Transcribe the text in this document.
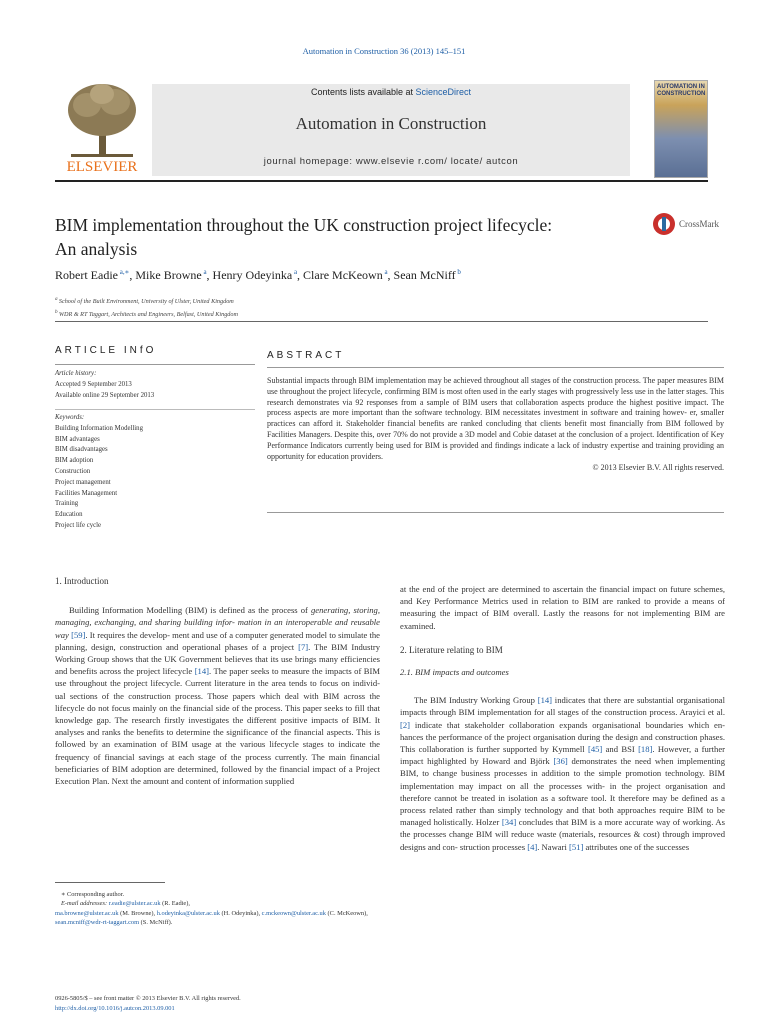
Automation in Construction 36 (2013) 145–151
ELSEVIER
Contents lists available at ScienceDirect
Automation in Construction
journal homepage: www.elsevie r.com/ locate/ autcon
AUTOMATION IN CONSTRUCTION
BIM implementation throughout the UK construction project lifecycle:
An analysis
CrossMark
Robert Eadie $^{a,∗}$, Mike Browne $^a$, Henry Odeyinka $^a$, Clare McKeown $^a$, Sean McNiff $^b$
$^a$ School of the Built Environment, University of Ulster, United Kingdom
$^b$ WDR & RT Taggart, Architects and Engineers, Belfast, United Kingdom
ARTICLE INfO
Article history:
Accepted 9 September 2013
Available online 29 September 2013
Keywords:
Building Information Modelling
BIM advantages
BIM disadvantages
BIM adoption
Construction
Project management
Facilities Management
Training
Education
Project life cycle
ABSTRACT
Substantial impacts through BIM implementation may be achieved throughout all stages of the construction process. The paper measures BIM use throughout the project lifecycle, confirming BIM is most often used in the early stages with progressively less use in the latter stages. This research demonstrates via 92 responses from a sample of BIM users that collaboration aspects produce the highest positive impact. The process aspects are more important than the software technology. BIM necessitates investment in software and training howev- er, smaller practices can afford it. Stakeholder financial benefits are ranked concluding that clients benefit most financially from BIM followed by Facilities Managers. Despite this, over 70% do not provide a 3D model and Cobie dataset at the conclusion of a project. Identification of Key Performance Indicators currently being used for BIM is provided and findings indicate a lack of industry expertise and training providing an opportunity for education providers.
© 2013 Elsevier B.V. All rights reserved.

1. Introduction

Building Information Modelling (BIM) is defined as the process of generating, storing, managing, exchanging, and sharing building infor- mation in an interoperable and reusable way [59]. It requires the develop- ment and use of a computer generated model to simulate the planning, design, construction and operational phases of a project [7]. The BIM Industry Working Group shows that the UK Government believes that its use brings many efficiencies and benefits across the project lifecycle [14]. The paper seeks to measure the impacts of BIM use throughout the project lifecycle. Current literature in the area tends to focus on individ- ual sections of the construction process. Those papers which deal with BIM across the lifecycle do not focus mainly on the financial side of the process. This paper seeks to fill that knowledge gap. The research firstly investigates the different positive impacts of BIM. It analyses and ranks the benefits to determine the significance of the financial aspects. This is followed by an examination of BIM usage at the various lifecycle stages to indicate the frequency of financial savings at each stage of the process currently. The main financial beneficiaries of BIM adoption are determined, followed by the financial impact of a Project Execution Plan. Next the amount and content of information supplied

at the end of the project are determined to ascertain the financial impact on future schemes, and Key Performance Metrics used in relation to BIM are ranked to provide a means of measuring the impact of BIM overall. Lastly the reasons for not implementing BIM are examined.

2. Literature relating to BIM

2.1. BIM impacts and outcomes

The BIM Industry Working Group [14] indicates that there are substantial organisational impacts through BIM implementation for all stages of the construction process. Arayici et al. [2] indicate that stakeholder collaboration expands organisational boundaries which en- hances the performance of the project organisation during the design and construction phases. This collaboration is further supported by Kymmell [45] and BSI [18]. However, a further impact highlighted by Howard and Björk [36] demonstrates the need when implementing BIM, to change business processes in addition to the simple promotion technology. BIM implementation may impact on all the processes with- in the project organisation and therefore cannot be treated in isolation as a software tool. It therefore may be defined as a process related rather than simply technology and that both approaches require BIM to be managed holistically. Holzer [34] concludes that BIM is a more accurate way of working. As the processes change BIM will reduce waste (materials, resources & cost) through improved designs and con- struction processes [4]. Nawari [51] attributes one of the successes

∗ Corresponding author.
E-mail addresses: r.eadie@ulster.ac.uk (R. Eadie),
ma.browne@ulster.ac.uk (M. Browne), h.odeyinka@ulster.ac.uk (H. Odeyinka), c.mckeown@ulster.ac.uk (C. McKeown), sean.mcniff@wdr-rt-taggart.com (S. McNiff).
0926-5805/$ – see front matter © 2013 Elsevier B.V. All rights reserved.
http://dx.doi.org/10.1016/j.autcon.2013.09.001
